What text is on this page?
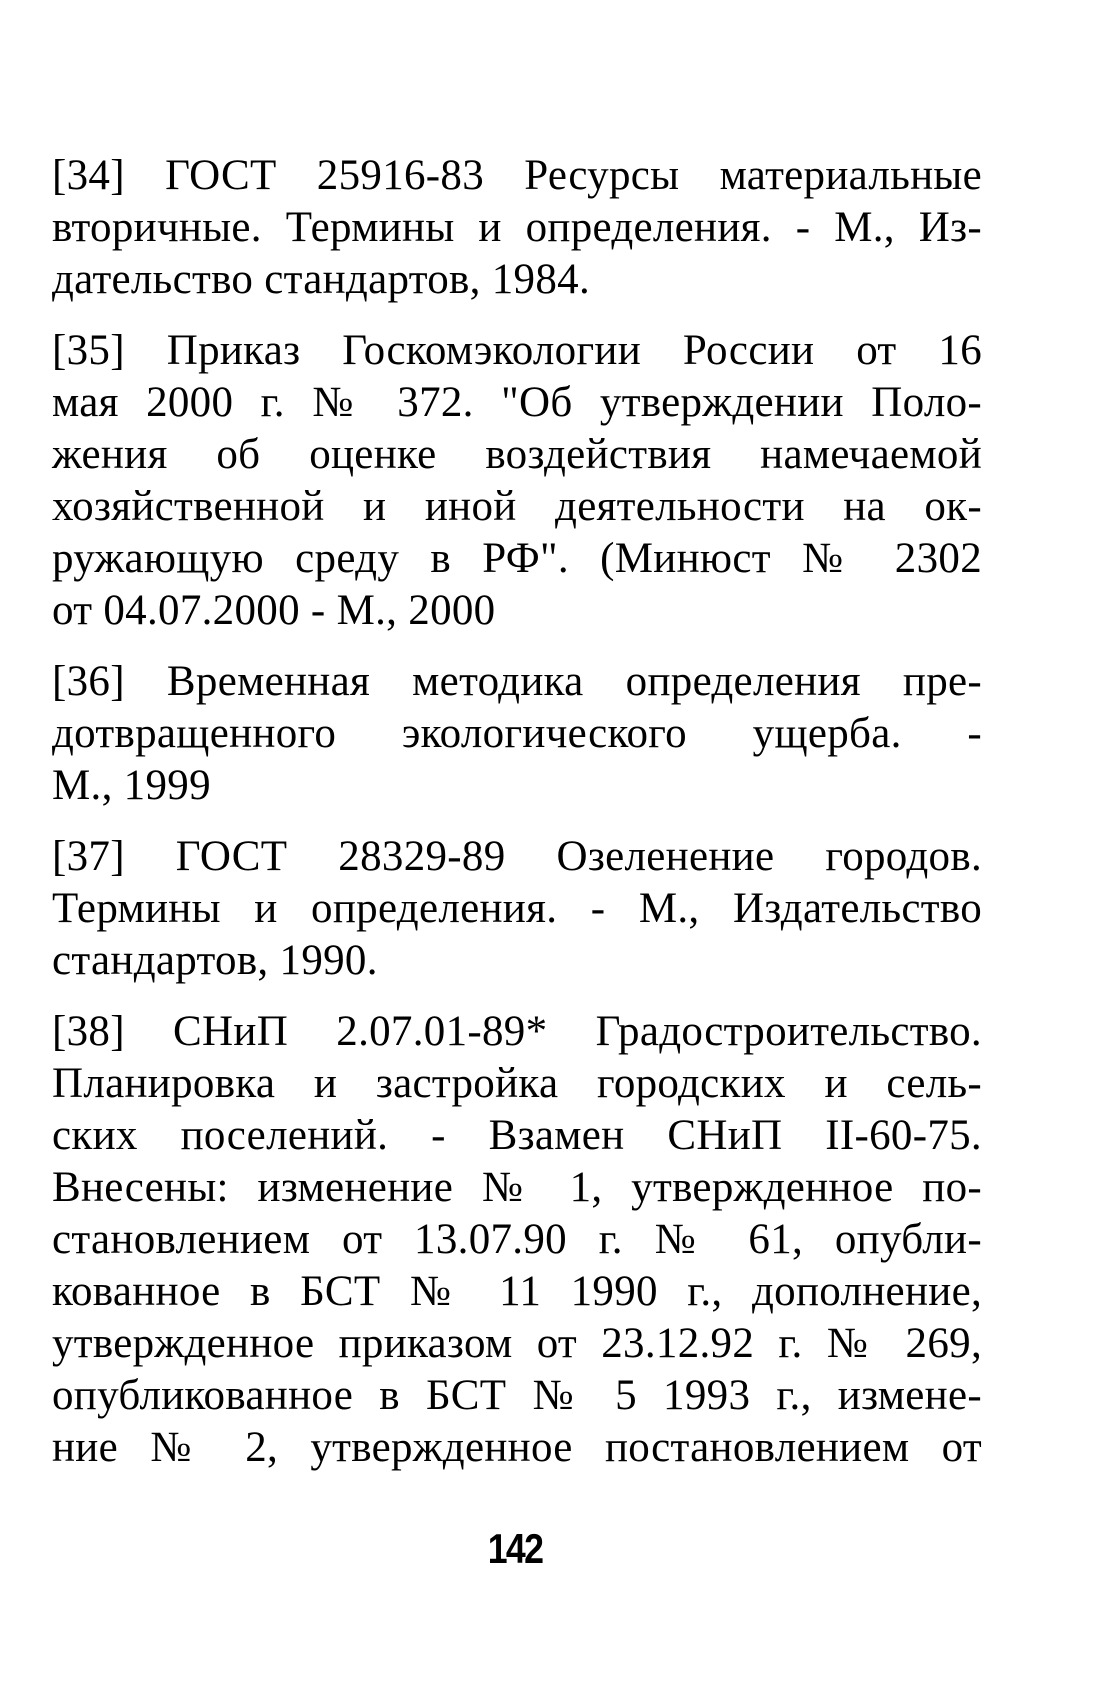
[34] ГОСТ 25916-83 Ресурсы материальные
вторичные. Термины и определения. - М., Из-
дательство стандартов, 1984.
[35] Приказ Госкомэкологии России от 16
мая 2000 г. № 372. "Об утверждении Поло-
жения об оценке воздействия намечаемой
хозяйственной и иной деятельности на ок-
ружающую среду в РФ". (Минюст № 2302
от 04.07.2000 - М., 2000
[36] Временная методика определения пре-
дотвращенного экологического ущерба. -
М., 1999
[37] ГОСТ 28329-89 Озеленение городов.
Термины и определения. - М., Издательство
стандартов, 1990.
[38] СНиП 2.07.01-89* Градостроительство.
Планировка и застройка городских и сель-
ских поселений. - Взамен СНиП II-60-75.
Внесены: изменение № 1, утвержденное по-
становлением от 13.07.90 г. № 61, опубли-
кованное в БСТ № 11 1990 г., дополнение,
утвержденное приказом от 23.12.92 г. № 269,
опубликованное в БСТ № 5 1993 г., измене-
ние № 2, утвержденное постановлением от
142
